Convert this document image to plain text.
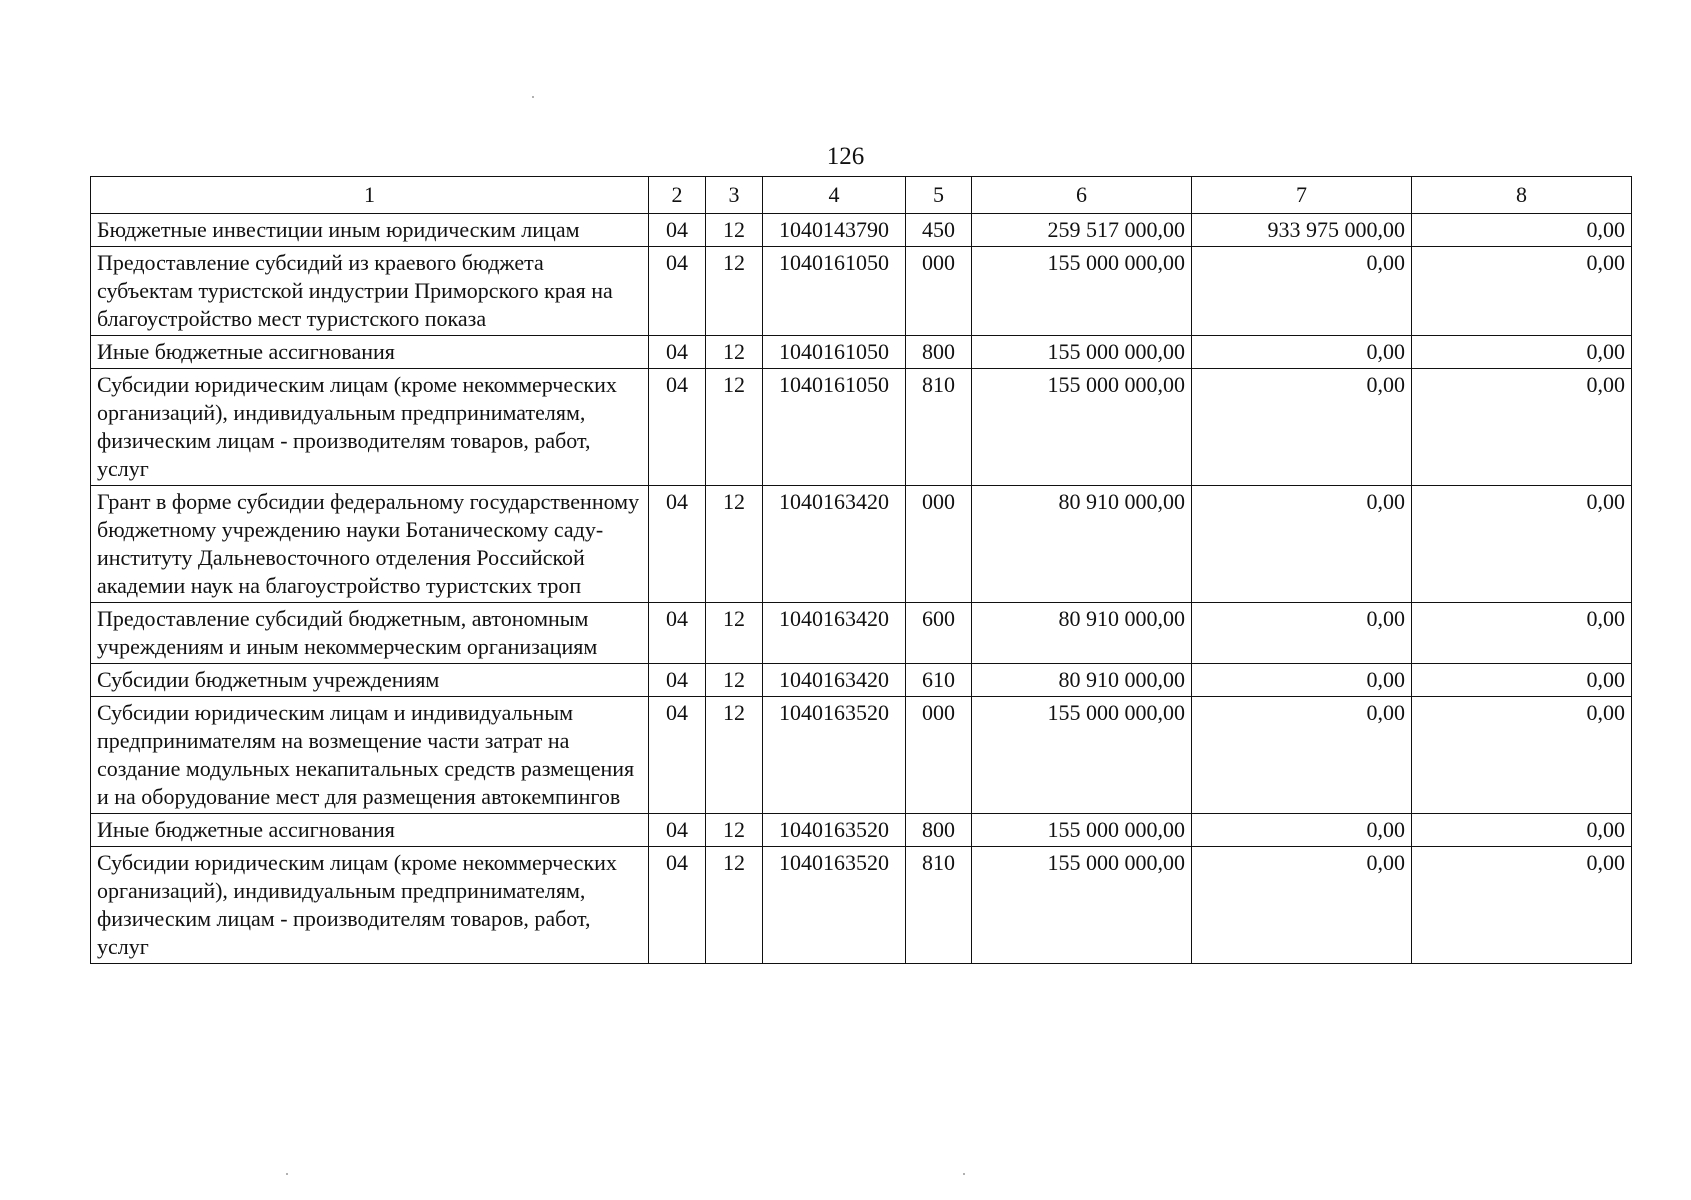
126
1	2	3	4	5	6	7	8
Бюджетные инвестиции иным юридическим лицам	04	12	1040143790	450	259 517 000,00	933 975 000,00	0,00
Предоставление субсидий из краевого бюджета субъектам туристской индустрии Приморского края на благоустройство мест туристского показа	04	12	1040161050	000	155 000 000,00	0,00	0,00
Иные бюджетные ассигнования	04	12	1040161050	800	155 000 000,00	0,00	0,00
Субсидии юридическим лицам (кроме некоммерческих организаций), индивидуальным предпринимателям, физическим лицам - производителям товаров, работ, услуг	04	12	1040161050	810	155 000 000,00	0,00	0,00
Грант в форме субсидии федеральному государственному бюджетному учреждению науки Ботаническому саду-институту Дальневосточного отделения Российской академии наук на благоустройство туристских троп	04	12	1040163420	000	80 910 000,00	0,00	0,00
Предоставление субсидий бюджетным, автономным учреждениям и иным некоммерческим организациям	04	12	1040163420	600	80 910 000,00	0,00	0,00
Субсидии бюджетным учреждениям	04	12	1040163420	610	80 910 000,00	0,00	0,00
Субсидии юридическим лицам и индивидуальным предпринимателям на возмещение части затрат на создание модульных некапитальных средств размещения и на оборудование мест для размещения автокемпингов	04	12	1040163520	000	155 000 000,00	0,00	0,00
Иные бюджетные ассигнования	04	12	1040163520	800	155 000 000,00	0,00	0,00
Субсидии юридическим лицам (кроме некоммерческих организаций), индивидуальным предпринимателям, физическим лицам - производителям товаров, работ, услуг	04	12	1040163520	810	155 000 000,00	0,00	0,00
